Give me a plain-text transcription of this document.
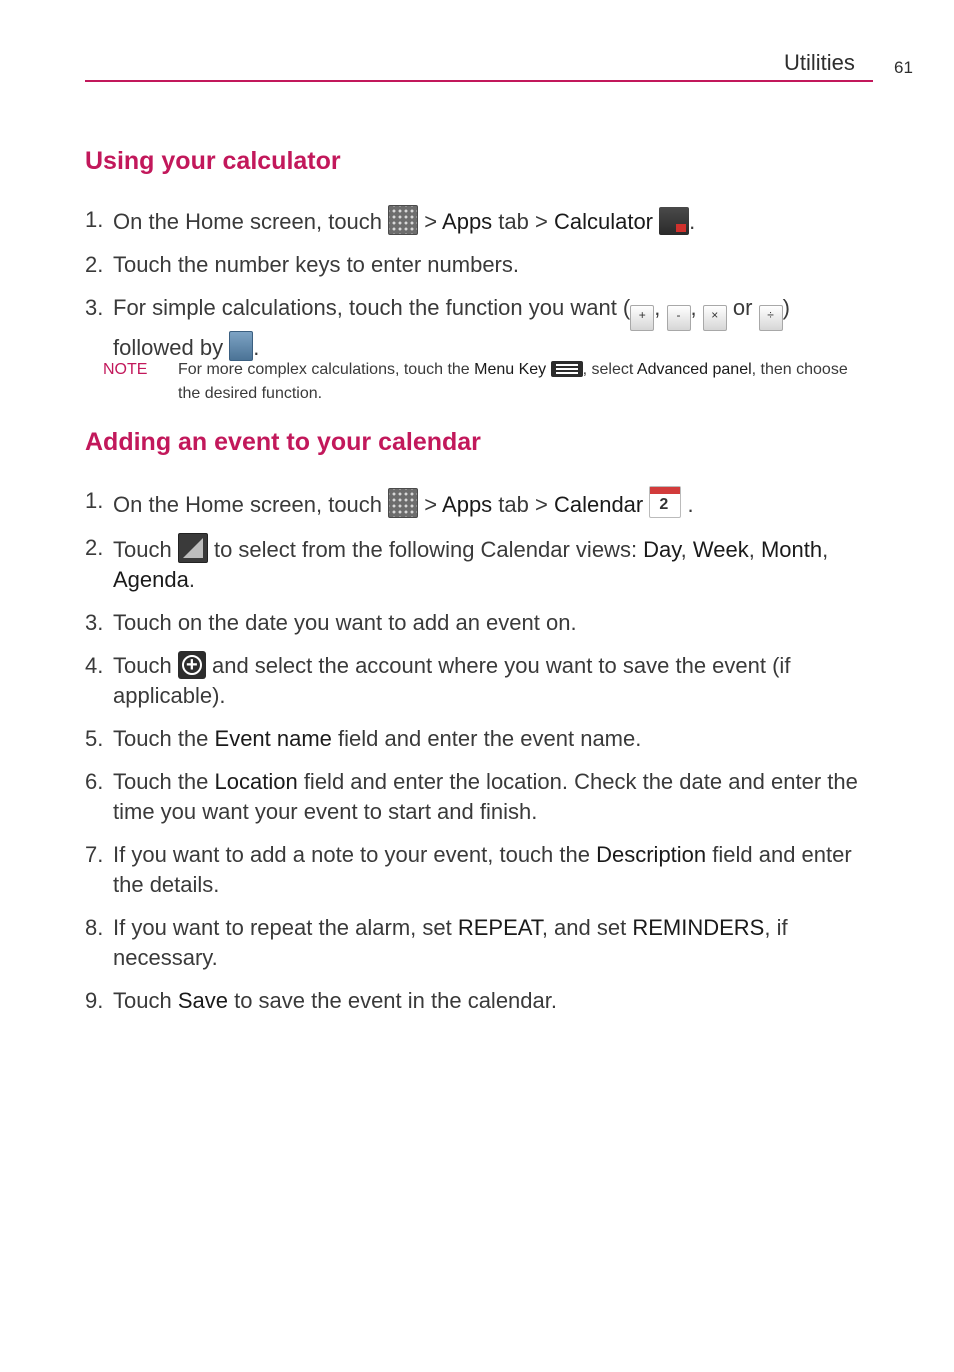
Utilities 61
Using your calculator
1. On the Home screen, touch > Apps tab > Calculator .
2. Touch the number keys to enter numbers.
3. For simple calculations, touch the function you want ( + , - , × or ÷ ) followed by .
NOTE For more complex calculations, touch the Menu Key , select Advanced panel, then choose the desired function.
Adding an event to your calendar
1. On the Home screen, touch > Apps tab > Calendar 2 .
2. Touch to select from the following Calendar views: Day, Week, Month, Agenda.
3. Touch on the date you want to add an event on.
4. Touch + and select the account where you want to save the event (if applicable).
5. Touch the Event name field and enter the event name.
6. Touch the Location field and enter the location. Check the date and enter the time you want your event to start and finish.
7. If you want to add a note to your event, touch the Description field and enter the details.
8. If you want to repeat the alarm, set REPEAT, and set REMINDERS, if necessary.
9. Touch Save to save the event in the calendar.
